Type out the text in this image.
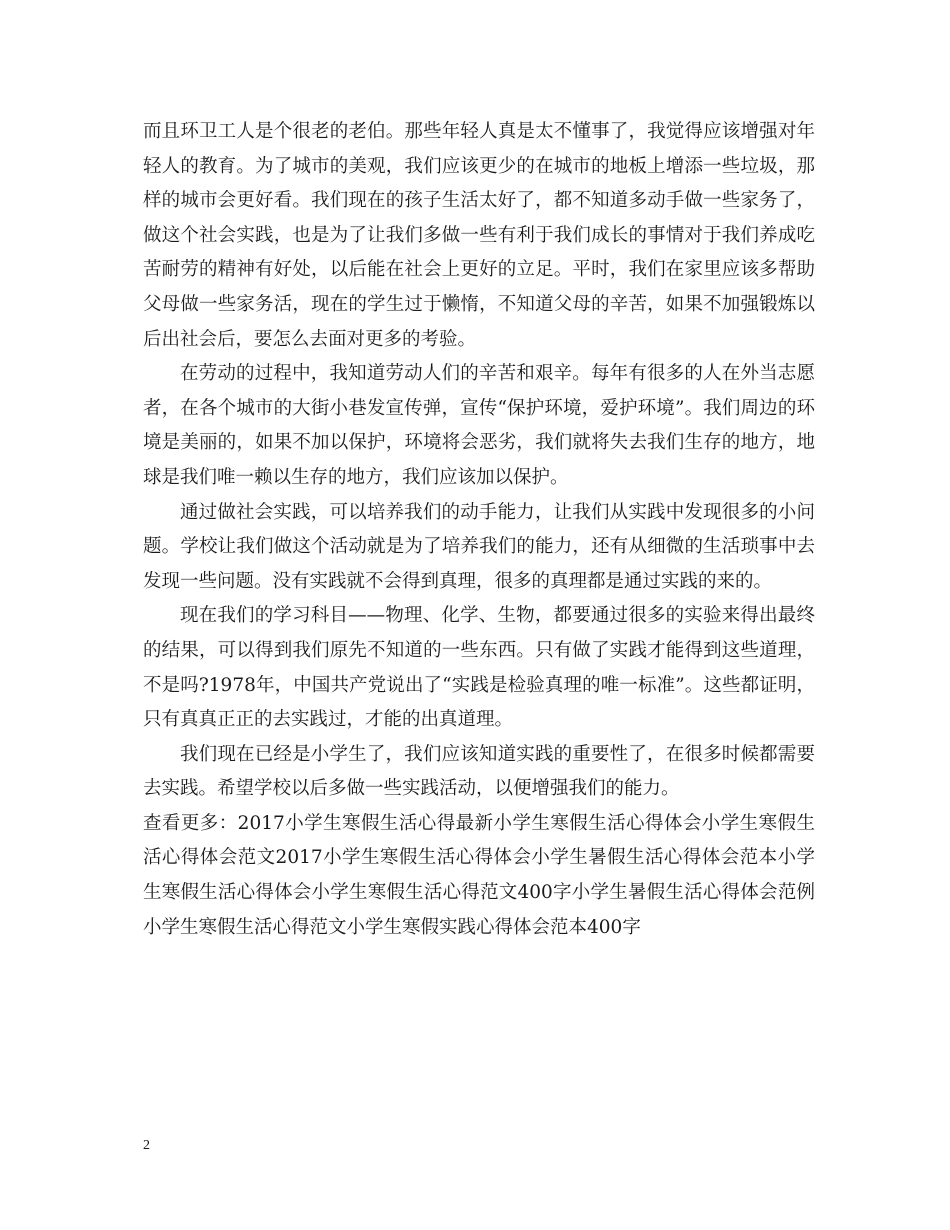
而且环卫工人是个很老的老伯。那些年轻人真是太不懂事了，我觉得应该增强对年轻人的教育。为了城市的美观，我们应该更少的在城市的地板上增添一些垃圾，那样的城市会更好看。我们现在的孩子生活太好了，都不知道多动手做一些家务了，做这个社会实践，也是为了让我们多做一些有利于我们成长的事情对于我们养成吃苦耐劳的精神有好处，以后能在社会上更好的立足。平时，我们在家里应该多帮助父母做一些家务活，现在的学生过于懒惰，不知道父母的辛苦，如果不加强锻炼以后出社会后，要怎么去面对更多的考验。

在劳动的过程中，我知道劳动人们的辛苦和艰辛。每年有很多的人在外当志愿者，在各个城市的大街小巷发宣传弹，宣传“保护环境，爱护环境”。我们周边的环境是美丽的，如果不加以保护，环境将会恶劣，我们就将失去我们生存的地方，地球是我们唯一赖以生存的地方，我们应该加以保护。

通过做社会实践，可以培养我们的动手能力，让我们从实践中发现很多的小问题。学校让我们做这个活动就是为了培养我们的能力，还有从细微的生活琐事中去发现一些问题。没有实践就不会得到真理，很多的真理都是通过实践的来的。

现在我们的学习科目——物理、化学、生物，都要通过很多的实验来得出最终的结果，可以得到我们原先不知道的一些东西。只有做了实践才能得到这些道理，不是吗?1978年，中国共产党说出了“实践是检验真理的唯一标准”。这些都证明，只有真真正正的去实践过，才能的出真道理。

我们现在已经是小学生了，我们应该知道实践的重要性了，在很多时候都需要去实践。希望学校以后多做一些实践活动，以便增强我们的能力。

查看更多：2017小学生寒假生活心得最新小学生寒假生活心得体会小学生寒假生活心得体会范文2017小学生寒假生活心得体会小学生暑假生活心得体会范本小学生寒假生活心得体会小学生寒假生活心得范文400字小学生暑假生活心得体会范例小学生寒假生活心得范文小学生寒假实践心得体会范本400字

2
